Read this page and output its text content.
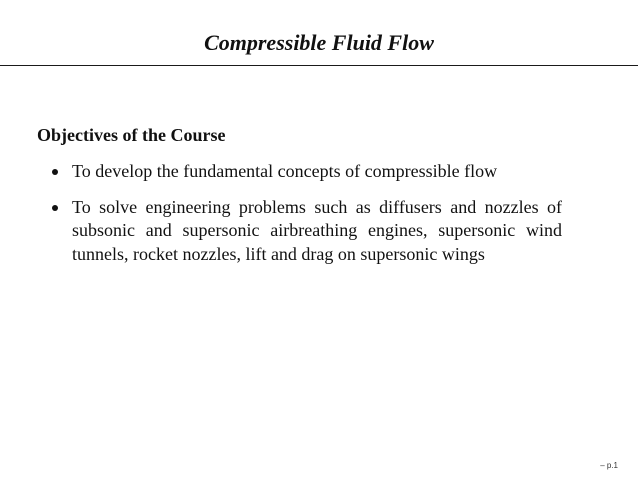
Compressible Fluid Flow
Objectives of the Course
To develop the fundamental concepts of compressible flow
To solve engineering problems such as diffusers and nozzles of subsonic and supersonic airbreathing engines, supersonic wind tunnels, rocket nozzles, lift and drag on supersonic wings
– p.1
